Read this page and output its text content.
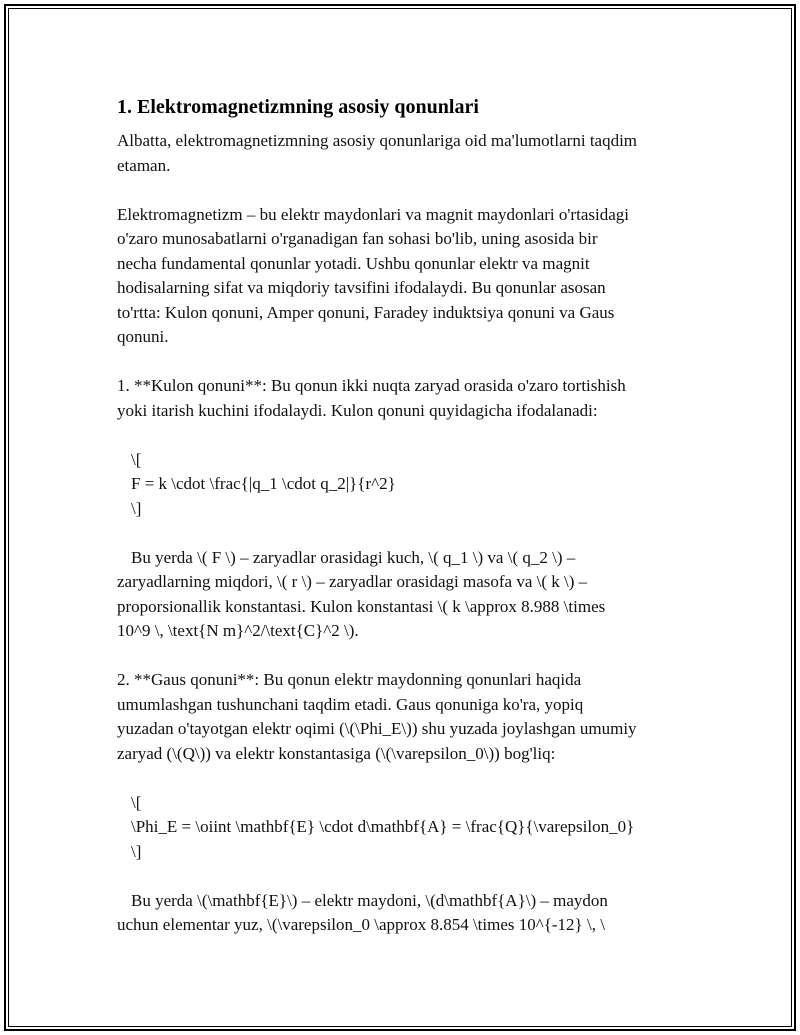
1. Elektromagnetizmning asosiy qonunlari

Albatta, elektromagnetizmning asosiy qonunlariga oid ma'lumotlarni taqdim
etaman.

Elektromagnetizm – bu elektr maydonlari va magnit maydonlari o'rtasidagi
o'zaro munosabatlarni o'rganadigan fan sohasi bo'lib, uning asosida bir
necha fundamental qonunlar yotadi. Ushbu qonunlar elektr va magnit
hodisalarning sifat va miqdoriy tavsifini ifodalaydi. Bu qonunlar asosan
to'rtta: Kulon qonuni, Amper qonuni, Faradey induktsiya qonuni va Gaus
qonuni.

1. **Kulon qonuni**: Bu qonun ikki nuqta zaryad orasida o'zaro tortishish
yoki itarish kuchini ifodalaydi. Kulon qonuni quyidagicha ifodalanadi:

\[
F = k \cdot \frac{|q_1 \cdot q_2|}{r^2}
\]

Bu yerda \( F \) – zaryadlar orasidagi kuch, \( q_1 \) va \( q_2 \) –
zaryadlarning miqdori, \( r \) – zaryadlar orasidagi masofa va \( k \) –
proporsionallik konstantasi. Kulon konstantasi \( k \approx 8.988 \times
10^9 \, \text{N m}^2/\text{C}^2 \).

2. **Gaus qonuni**: Bu qonun elektr maydonning qonunlari haqida
umumlashgan tushunchani taqdim etadi. Gaus qonuniga ko'ra, yopiq
yuzadan o'tayotgan elektr oqimi (\(\Phi_E\)) shu yuzada joylashgan umumiy
zaryad (\(Q\)) va elektr konstantasiga (\(\varepsilon_0\)) bog'liq:

\[
\Phi_E = \oiint \mathbf{E} \cdot d\mathbf{A} = \frac{Q}{\varepsilon_0}
\]

Bu yerda \(\mathbf{E}\) – elektr maydoni, \(d\mathbf{A}\) – maydon
uchun elementar yuz, \(\varepsilon_0 \approx 8.854 \times 10^{-12} \, \
